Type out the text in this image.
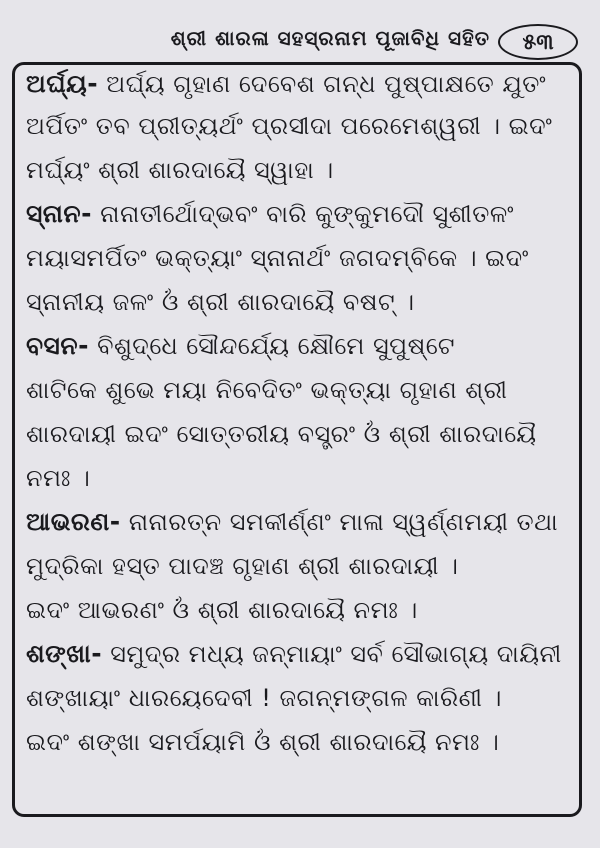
ଶ୍ରୀ ଶାରଳା ସହସ୍ରନାମ ପୂଜାବିଧି ସହିତ	୫୩
ଅର୍ଘ୍ୟ- ଅର୍ଘ୍ୟ ଗୃହାଣ ଦେବେଶ ଗନ୍ଧ ପୁଷ୍ପାକ୍ଷତେ ଯୁତଂ
ଅର୍ପିତଂ ତବ ପ୍ରୀତ୍ୟର୍ଥଂ ପ୍ରସୀଦା ପରେମେଶ୍ୱରୀ । ଇଦଂ
ମର୍ଘ୍ୟଂ ଶ୍ରୀ ଶାରଦାୟୈ ସ୍ୱାହା ।
ସ୍ନାନ- ନାନାତୀର୍ଥୋଦ୍ଭବଂ ବାରି କୁଙ୍କୁମଦୌ ସୁଶୀତଳଂ
ମୟାସମର୍ପିତଂ ଭକ୍ତ୍ୟାଂ ସ୍ନାନାର୍ଥଂ ଜଗଦମ୍ବିକେ । ଇଦଂ
ସ୍ନାନୀୟ ଜଳଂ ଓଁ ଶ୍ରୀ ଶାରଦାୟୈ ବଷଟ୍ ।
ବସନ- ବିଶୁଦ୍ଧେ ସୌନ୍ଦର୍ଯ୍ୟେ କ୍ଷୌମେ ସୁପୁଷ୍ଟେ
ଶାଟିକେ ଶୁଭେ ମୟା ନିବେଦିତଂ ଭକ୍ତ୍ୟା ଗୃହାଣ ଶ୍ରୀ
ଶାରଦାୟୀ ଇଦଂ ସୋତ୍ତରୀୟ ବସ୍ତ୍ରଂ ଓଁ ଶ୍ରୀ ଶାରଦାୟୈ
ନମଃ ।
ଆଭରଣ- ନାନାରତ୍ନ ସମକୀର୍ଣ୍ଣଂ ମାଳା ସ୍ୱର୍ଣ୍ଣମୟୀ ତଥା
ମୁଦ୍ରିକା ହସ୍ତ ପାଦଞ୍ଚ ଗୃହାଣ ଶ୍ରୀ ଶାରଦାୟୀ ।
ଇଦଂ ଆଭରଣଂ ଓଁ ଶ୍ରୀ ଶାରଦାୟୈ ନମଃ ।
ଶଙ୍ଖା- ସମୁଦ୍ର ମଧ୍ୟ ଜନ୍ମାୟାଂ ସର୍ବ ସୌଭାଗ୍ୟ ଦାୟିନୀ
ଶଙ୍ଖାୟାଂ ଧାରୟେଦେବୀ ! ଜଗନ୍ମଙ୍ଗଳ କାରିଣୀ ।
ଇଦଂ ଶଙ୍ଖା ସମର୍ପୟାମି ଓଁ ଶ୍ରୀ ଶାରଦାୟୈ ନମଃ ।
